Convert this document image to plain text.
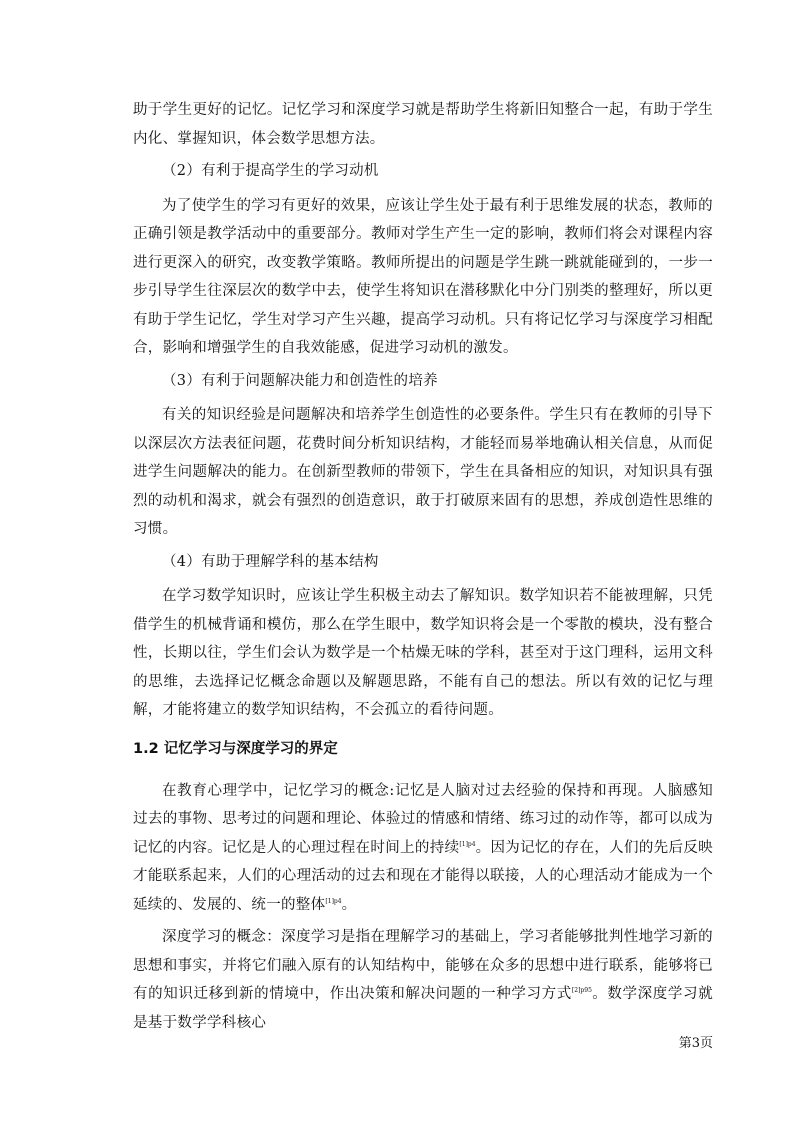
助于学生更好的记忆。记忆学习和深度学习就是帮助学生将新旧知整合一起，有助于学生内化、掌握知识，体会数学思想方法。

（2）有利于提高学生的学习动机

为了使学生的学习有更好的效果，应该让学生处于最有利于思维发展的状态，教师的正确引领是教学活动中的重要部分。教师对学生产生一定的影响，教师们将会对课程内容进行更深入的研究，改变教学策略。教师所提出的问题是学生跳一跳就能碰到的，一步一步引导学生往深层次的数学中去，使学生将知识在潜移默化中分门别类的整理好，所以更有助于学生记忆，学生对学习产生兴趣，提高学习动机。只有将记忆学习与深度学习相配合，影响和增强学生的自我效能感，促进学习动机的激发。

（3）有利于问题解决能力和创造性的培养

有关的知识经验是问题解决和培养学生创造性的必要条件。学生只有在教师的引导下以深层次方法表征问题，花费时间分析知识结构，才能轻而易举地确认相关信息，从而促进学生问题解决的能力。在创新型教师的带领下，学生在具备相应的知识，对知识具有强烈的动机和渴求，就会有强烈的创造意识，敢于打破原来固有的思想，养成创造性思维的习惯。

（4）有助于理解学科的基本结构

在学习数学知识时，应该让学生积极主动去了解知识。数学知识若不能被理解，只凭借学生的机械背诵和模仿，那么在学生眼中，数学知识将会是一个零散的模块，没有整合性，长期以往，学生们会认为数学是一个枯燥无味的学科，甚至对于这门理科，运用文科的思维，去选择记忆概念命题以及解题思路，不能有自己的想法。所以有效的记忆与理解，才能将建立的数学知识结构，不会孤立的看待问题。

1.2 记忆学习与深度学习的界定

在教育心理学中，记忆学习的概念:记忆是人脑对过去经验的保持和再现。人脑感知过去的事物、思考过的问题和理论、体验过的情感和情绪、练习过的动作等，都可以成为记忆的内容。记忆是人的心理过程在时间上的持续$^{[1]p4}$。因为记忆的存在，人们的先后反映才能联系起来，人们的心理活动的过去和现在才能得以联接，人的心理活动才能成为一个延续的、发展的、统一的整体$^{[1]p4}$。

深度学习的概念：深度学习是指在理解学习的基础上，学习者能够批判性地学习新的思想和事实，并将它们融入原有的认知结构中，能够在众多的思想中进行联系，能够将已有的知识迁移到新的情境中，作出决策和解决问题的一种学习方式$^{[2]p95}$。数学深度学习就是基于数学学科核心

第3页
